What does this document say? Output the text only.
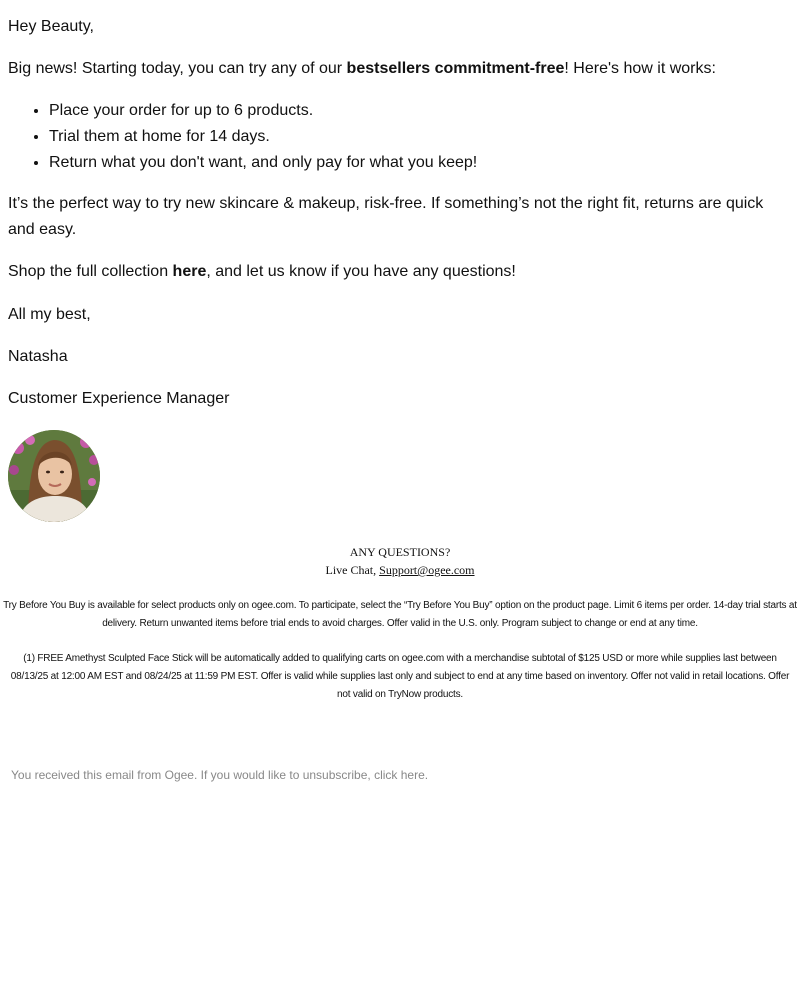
Hey Beauty,

Big news! Starting today, you can try any of our bestsellers commitment-free! Here's how it works:

• Place your order for up to 6 products.
• Trial them at home for 14 days.
• Return what you don't want, and only pay for what you keep!

It’s the perfect way to try new skincare & makeup, risk-free. If something’s not the right fit, returns are quick and easy.

Shop the full collection here, and let us know if you have any questions!

All my best,

Natasha

Customer Experience Manager

ANY QUESTIONS?
Live Chat, Support@ogee.com
Try Before You Buy is available for select products only on ogee.com. To participate, select the “Try Before You Buy” option on the product page. Limit 6 items per order. 14-day trial starts at delivery. Return unwanted items before trial ends to avoid charges. Offer valid in the U.S. only. Program subject to change or end at any time.
(1) FREE Amethyst Sculpted Face Stick will be automatically added to qualifying carts on ogee.com with a merchandise subtotal of $125 USD or more while supplies last between 08/13/25 at 12:00 AM EST and 08/24/25 at 11:59 PM EST. Offer is valid while supplies last only and subject to end at any time based on inventory. Offer not valid in retail locations. Offer not valid on TryNow products.
You received this email from Ogee. If you would like to unsubscribe, click here.
